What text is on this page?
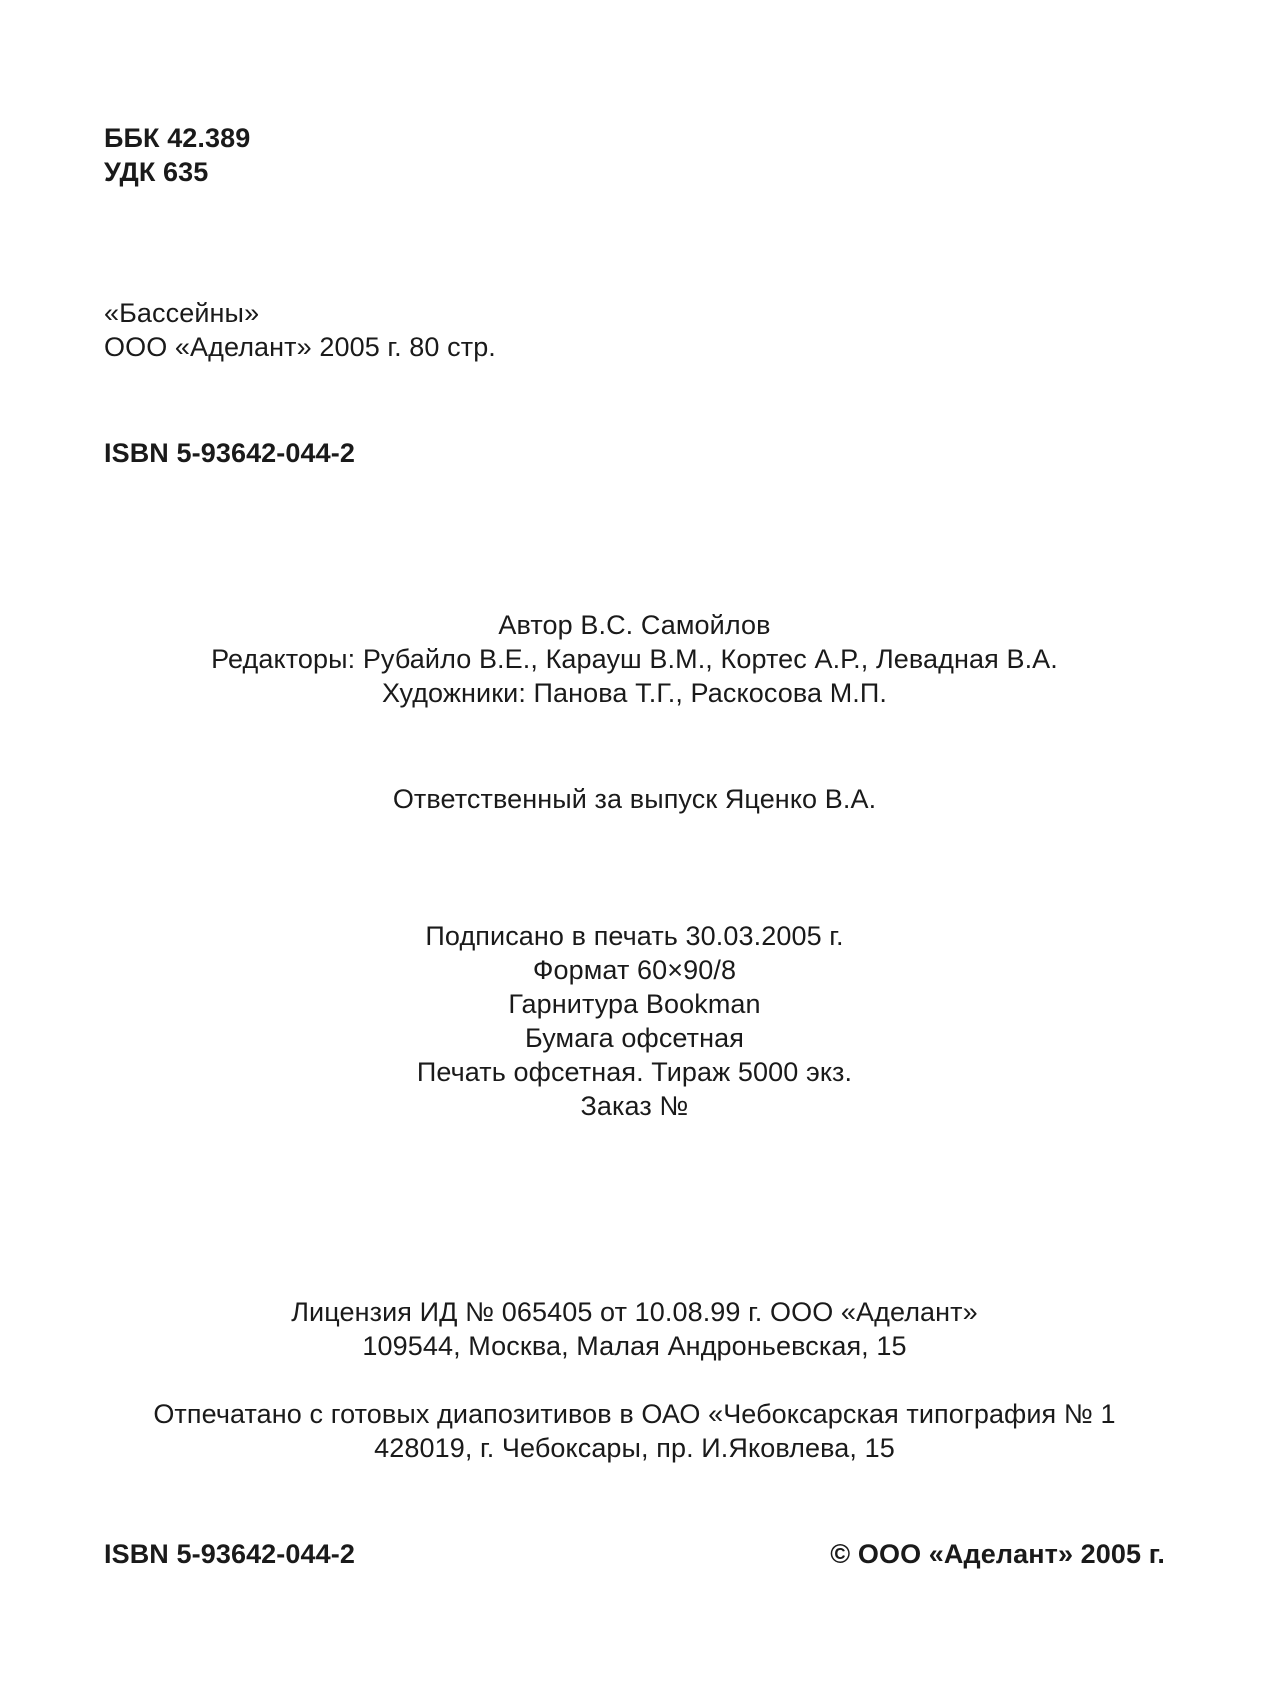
ББК 42.389
УДК 635
«Бассейны»
ООО «Аделант» 2005 г. 80 стр.
ISBN 5-93642-044-2
Автор В.С. Самойлов
Редакторы: Рубайло В.Е., Карауш В.М., Кортес А.Р., Левадная В.А.
Художники: Панова Т.Г., Раскосова М.П.
Ответственный за выпуск Яценко В.А.
Подписано в печать 30.03.2005 г.
Формат 60×90/8
Гарнитура Bookman
Бумага офсетная
Печать офсетная. Тираж 5000 экз.
Заказ №
Лицензия ИД № 065405 от 10.08.99 г. ООО «Аделант»
109544, Москва, Малая Андроньевская, 15
Отпечатано с готовых диапозитивов в ОАО «Чебоксарская типография № 1
428019, г. Чебоксары, пр. И.Яковлева, 15
ISBN 5-93642-044-2	© ООО «Аделант» 2005 г.
